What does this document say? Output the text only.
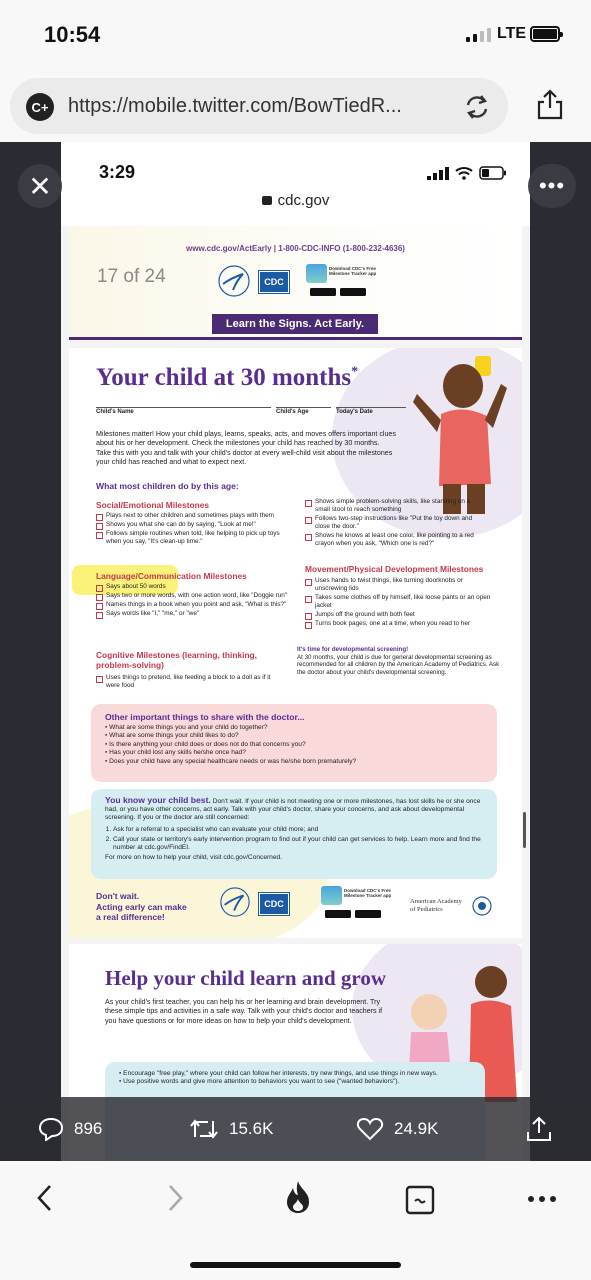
10:54	LTE
C+ https://mobile.twitter.com/BowTiedR...
✕	•••
3:29
cdc.gov
www.cdc.gov/ActEarly | 1-800-CDC-INFO (1-800-232-4636)
17 of 24	CDC
Download CDC's Free Milestone Tracker app
Learn the Signs. Act Early.
Your child at 30 months*
Child's Name	Child's Age	Today's Date
Milestones matter! How your child plays, learns, speaks, acts, and moves offers important clues about his or her development. Check the milestones your child has reached by 30 months. Take this with you and talk with your child's doctor at every well-child visit about the milestones your child has reached and what to expect next.
What most children do by this age:
Social/Emotional Milestones
Plays next to other children and sometimes plays with them
Shows you what she can do by saying, "Look at me!"
Follows simple routines when told, like helping to pick up toys when you say, "It's clean-up time."
Language/Communication Milestones
Says about 50 words
Says two or more words, with one action word, like "Doggie run"
Names things in a book when you point and ask, "What is this?"
Says words like "I," "me," or "we"
Cognitive Milestones (learning, thinking, problem-solving)
Uses things to pretend, like feeding a block to a doll as if it were food
Shows simple problem-solving skills, like standing on a small stool to reach something
Follows two-step instructions like "Put the toy down and close the door."
Shows he knows at least one color, like pointing to a red crayon when you ask, "Which one is red?"
Movement/Physical Development Milestones
Uses hands to twist things, like turning doorknobs or unscrewing lids
Takes some clothes off by himself, like loose pants or an open jacket
Jumps off the ground with both feet
Turns book pages, one at a time, when you read to her
It's time for developmental screening!
At 30 months, your child is due for general developmental screening as recommended for all children by the American Academy of Pediatrics. Ask the doctor about your child's developmental screening.
Other important things to share with the doctor...
▪ What are some things you and your child do together?
▪ What are some things your child likes to do?
▪ Is there anything your child does or does not do that concerns you?
▪ Has your child lost any skills he/she once had?
▪ Does your child have any special healthcare needs or was he/she born prematurely?
You know your child best. Don't wait. If your child is not meeting one or more milestones, has lost skills he or she once had, or you have other concerns, act early. Talk with your child's doctor, share your concerns, and ask about developmental screening. If you or the doctor are still concerned:
1. Ask for a referral to a specialist who can evaluate your child more; and
2. Call your state or territory's early intervention program to find out if your child can get services to help. Learn more and find the number at cdc.gov/FindEI.
For more on how to help your child, visit cdc.gov/Concerned.
Don't wait.
Acting early can make
a real difference!
CDC
Download CDC's Free Milestone Tracker app
American Academy
of Pediatrics
Help your child learn and grow
As your child's first teacher, you can help his or her learning and brain development. Try these simple tips and activities in a safe way. Talk with your child's doctor and teachers if you have questions or for more ideas on how to help your child's development.
▪ Encourage "free play," where your child can follow her interests, try new things, and use things in new ways.
▪ Use positive words and give more attention to behaviors you want to see ("wanted behaviors").
896	15.6K	24.9K
